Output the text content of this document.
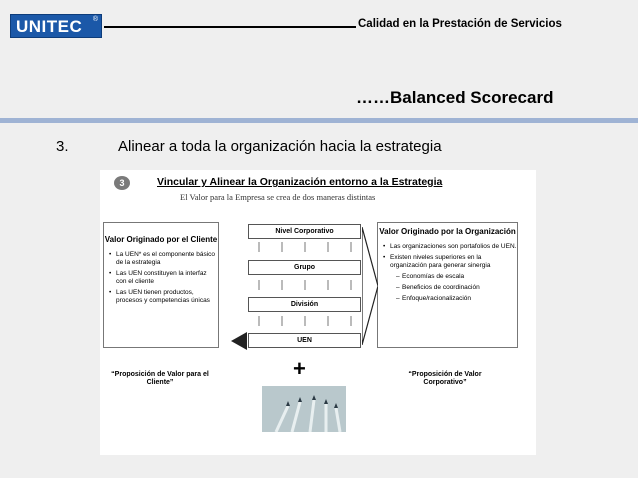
UNITEC ®	Calidad en la Prestación de Servicios
……Balanced Scorecard
3.	Alinear a toda la organización hacia la estrategia
3	Vincular y Alinear la Organización entorno a la Estrategia
El Valor para la Empresa se crea de dos maneras distintas
Valor Originado por el Cliente
• La UEN* es el componente básico de la estrategia
• Las UEN constituyen la interfaz con el cliente
• Las UEN tienen productos, procesos y competencias únicas
Valor Originado por la Organización
• Las organizaciones son portafolios de UEN.
• Existen niveles superiores en la organización para generar sinergia
– Economías de escala
– Beneficios de coordinación
– Enfoque/racionalización
Nivel Corporativo
Grupo
División
UEN
“Proposición de Valor para el Cliente”
“Proposición de Valor Corporativo”
+
